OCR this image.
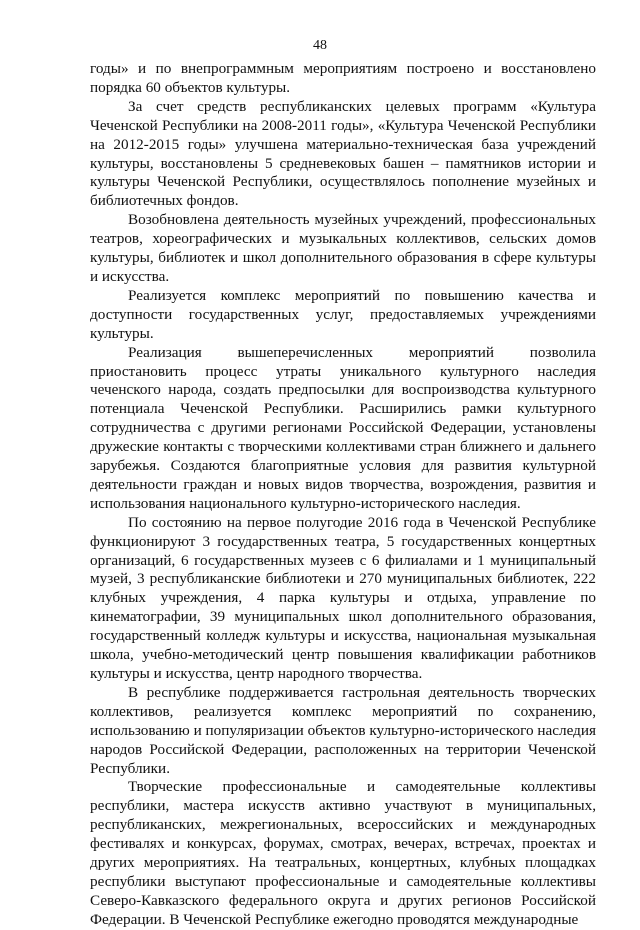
48

годы» и по внепрограммным мероприятиям построено и восстановлено порядка 60 объектов культуры.

За счет средств республиканских целевых программ «Культура Чеченской Республики на 2008-2011 годы», «Культура Чеченской Республики на 2012-2015 годы» улучшена материально-техническая база учреждений культуры, восстановлены 5 средневековых башен – памятников истории и культуры Чеченской Республики, осуществлялось пополнение музейных и библиотечных фондов.

Возобновлена деятельность музейных учреждений, профессиональных театров, хореографических и музыкальных коллективов, сельских домов культуры, библиотек и школ дополнительного образования в сфере культуры и искусства.

Реализуется комплекс мероприятий по повышению качества и доступности государственных услуг, предоставляемых учреждениями культуры.

Реализация вышеперечисленных мероприятий позволила приостановить процесс утраты уникального культурного наследия чеченского народа, создать предпосылки для воспроизводства культурного потенциала Чеченской Республики. Расширились рамки культурного сотрудничества с другими регионами Российской Федерации, установлены дружеские контакты с творческими коллективами стран ближнего и дальнего зарубежья. Создаются благоприятные условия для развития культурной деятельности граждан и новых видов творчества, возрождения, развития и использования национального культурно-исторического наследия.

По состоянию на первое полугодие 2016 года в Чеченской Республике функционируют 3 государственных театра, 5 государственных концертных организаций, 6 государственных музеев с 6 филиалами и 1 муниципальный музей, 3 республиканские библиотеки и 270 муниципальных библиотек, 222 клубных учреждения, 4 парка культуры и отдыха, управление по кинематографии, 39 муниципальных школ дополнительного образования, государственный колледж культуры и искусства, национальная музыкальная школа, учебно-методический центр повышения квалификации работников культуры и искусства, центр народного творчества.

В республике поддерживается гастрольная деятельность творческих коллективов, реализуется комплекс мероприятий по сохранению, использованию и популяризации объектов культурно-исторического наследия народов Российской Федерации, расположенных на территории Чеченской Республики.

Творческие профессиональные и самодеятельные коллективы республики, мастера искусств активно участвуют в муниципальных, республиканских, межрегиональных, всероссийских и международных фестивалях и конкурсах, форумах, смотрах, вечерах, встречах, проектах и других мероприятиях. На театральных, концертных, клубных площадках республики выступают профессиональные и самодеятельные коллективы Северо-Кавказского федерального округа и других регионов Российской Федерации. В Чеченской Республике ежегодно проводятся международные
